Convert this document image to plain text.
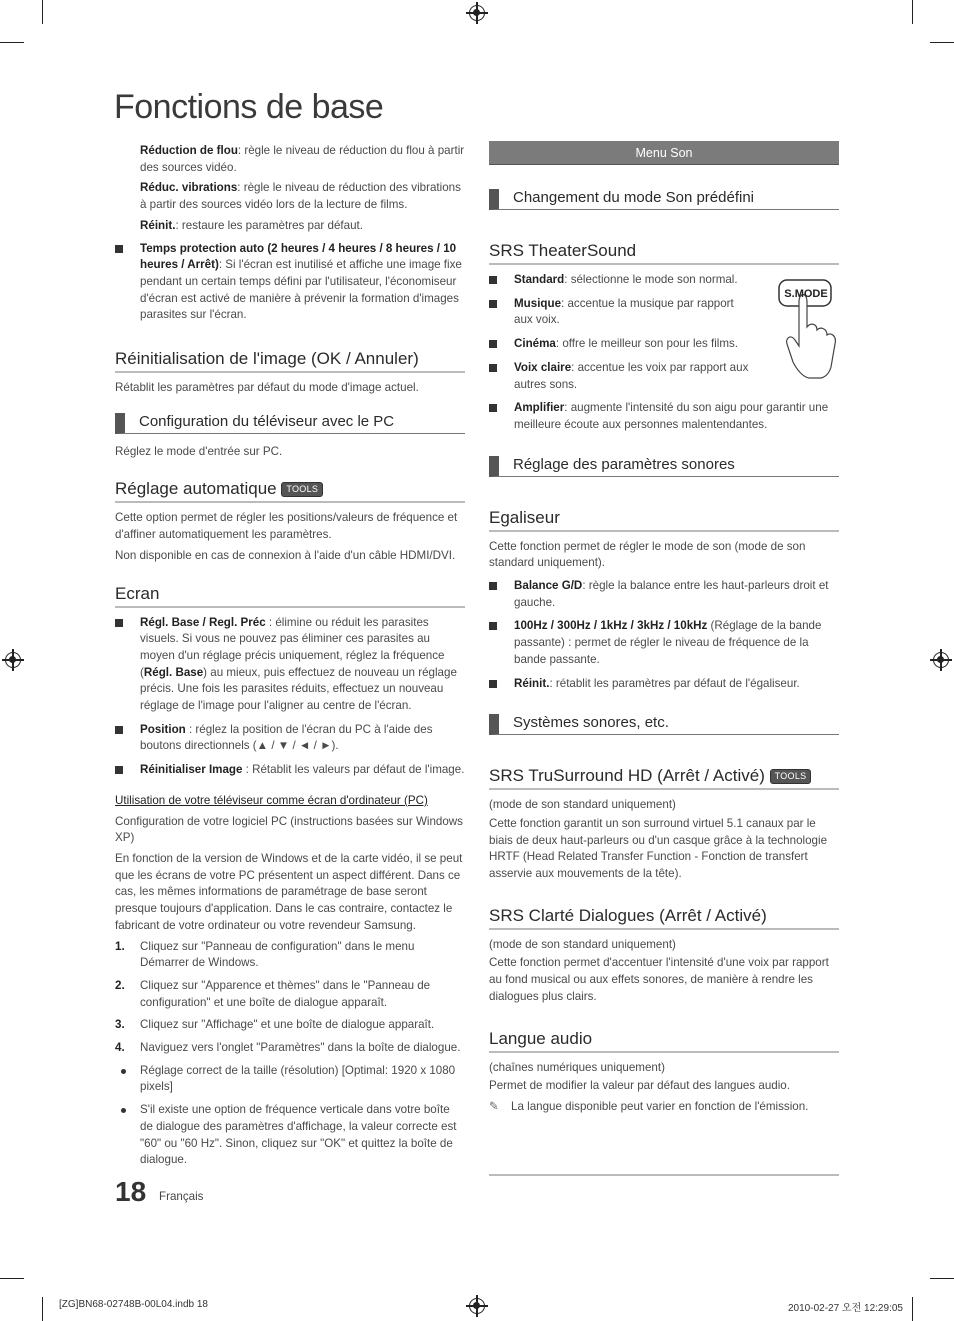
Fonctions de base

Réduction de flou: règle le niveau de réduction du flou à partir des sources vidéo.

Réduc. vibrations: règle le niveau de réduction des vibrations à partir des sources vidéo lors de la lecture de films.

Réinit.: restaure les paramètres par défaut.

Temps protection auto (2 heures / 4 heures / 8 heures / 10 heures / Arrêt): Si l'écran est inutilisé et affiche une image fixe pendant un certain temps défini par l'utilisateur, l'économiseur d'écran est activé de manière à prévenir la formation d'images parasites sur l'écran.
Réinitialisation de l'image (OK / Annuler)

Rétablit les paramètres par défaut du mode d'image actuel.

Configuration du téléviseur avec le PC

Réglez le mode d'entrée sur PC.

Réglage automatique TOOLS

Cette option permet de régler les positions/valeurs de fréquence et d'affiner automatiquement les paramètres.

Non disponible en cas de connexion à l'aide d'un câble HDMI/DVI.

Ecran
Régl. Base / Regl. Préc : élimine ou réduit les parasites visuels. Si vous ne pouvez pas éliminer ces parasites au moyen d'un réglage précis uniquement, réglez la fréquence (Régl. Base) au mieux, puis effectuez de nouveau un réglage précis. Une fois les parasites réduits, effectuez un nouveau réglage de l'image pour l'aligner au centre de l'écran.
Position : réglez la position de l'écran du PC à l'aide des boutons directionnels (▲ / ▼ / ◄ / ►).
Réinitialiser Image : Rétablit les valeurs par défaut de l'image.
Utilisation de votre téléviseur comme écran d'ordinateur (PC)

Configuration de votre logiciel PC (instructions basées sur Windows XP)

En fonction de la version de Windows et de la carte vidéo, il se peut que les écrans de votre PC présentent un aspect différent. Dans ce cas, les mêmes informations de paramétrage de base seront presque toujours d'application. Dans le cas contraire, contactez le fabricant de votre ordinateur ou votre revendeur Samsung.

1. Cliquez sur "Panneau de configuration" dans le menu Démarrer de Windows.
2. Cliquez sur "Apparence et thèmes" dans le "Panneau de configuration" et une boîte de dialogue apparaît.
3. Cliquez sur "Affichage" et une boîte de dialogue apparaît.
4. Naviguez vers l'onglet "Paramètres" dans la boîte de dialogue.
Réglage correct de la taille (résolution) [Optimal: 1920 x 1080 pixels]
S'il existe une option de fréquence verticale dans votre boîte de dialogue des paramètres d'affichage, la valeur correcte est "60" ou "60 Hz". Sinon, cliquez sur "OK" et quittez la boîte de dialogue.
Menu Son
Changement du mode Son prédéfini
SRS TheaterSound
S.MODE
Standard: sélectionne le mode son normal.
Musique: accentue la musique par rapport aux voix.
Cinéma: offre le meilleur son pour les films.
Voix claire: accentue les voix par rapport aux autres sons.
Amplifier: augmente l'intensité du son aigu pour garantir une meilleure écoute aux personnes malentendantes.
Réglage des paramètres sonores
Egaliseur

Cette fonction permet de régler le mode de son (mode de son standard uniquement).

Balance G/D: règle la balance entre les haut-parleurs droit et gauche.
100Hz / 300Hz / 1kHz / 3kHz / 10kHz (Réglage de la bande passante) : permet de régler le niveau de fréquence de la bande passante.
Réinit.: rétablit les paramètres par défaut de l'égaliseur.
Systèmes sonores, etc.
SRS TruSurround HD (Arrêt / Activé) TOOLS

(mode de son standard uniquement)

Cette fonction garantit un son surround virtuel 5.1 canaux par le biais de deux haut-parleurs ou d'un casque grâce à la technologie HRTF (Head Related Transfer Function - Fonction de transfert asservie aux mouvements de la tête).

SRS Clarté Dialogues (Arrêt / Activé)

(mode de son standard uniquement)

Cette fonction permet d'accentuer l'intensité d'une voix par rapport au fond musical ou aux effets sonores, de manière à rendre les dialogues plus clairs.

Langue audio

(chaînes numériques uniquement)

Permet de modifier la valeur par défaut des langues audio.

✎ La langue disponible peut varier en fonction de l'émission.

18 Français
[ZG]BN68-02748B-00L04.indb 18	2010-02-27 오전 12:29:05
